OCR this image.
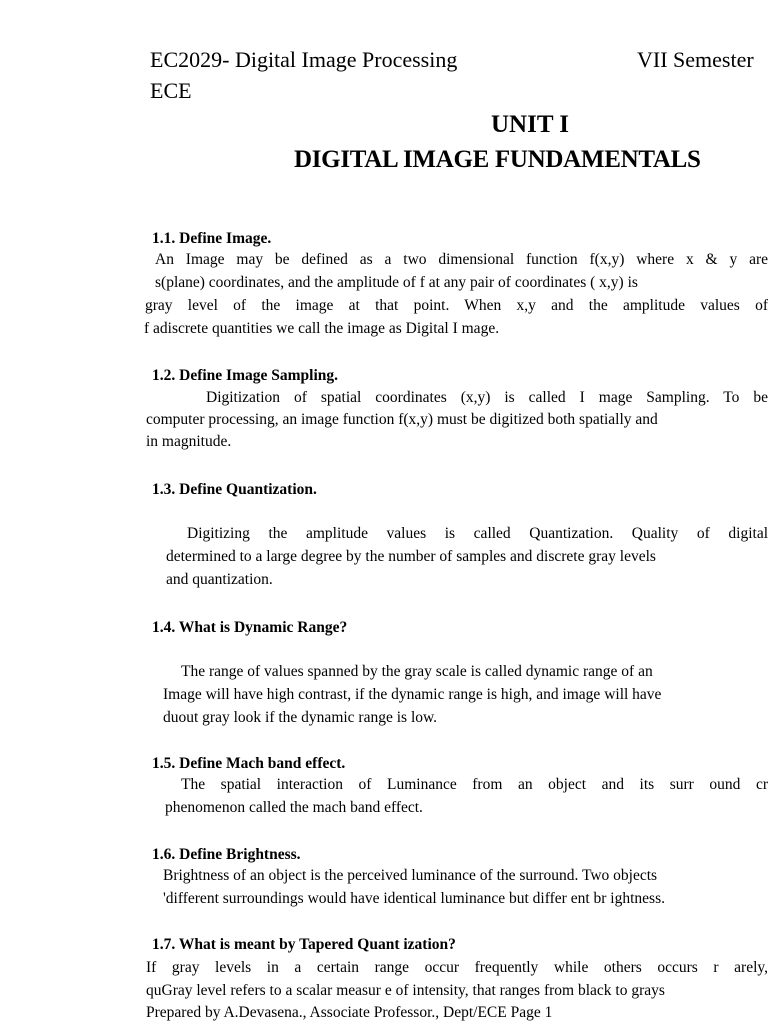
EC2029- Digital Image Processing	VII Semester
ECE
UNIT I
DIGITAL IMAGE FUNDAMENTALS
1.1. Define Image.
An Image may be defined as a two dimensional function f(x,y) where x & y are
s(plane) coordinates, and the amplitude of f at any pair of coordinates ( x,y) is
gray level of the image at that point. When x,y and the amplitude values of
f adiscrete quantities we call the image as Digital I mage.
1.2. Define Image Sampling.
Digitization of spatial coordinates (x,y) is called I mage Sampling. To be
computer processing, an image function f(x,y) must be digitized both spatially and
in magnitude.
1.3. Define Quantization.
Digitizing the amplitude values is called Quantization. Quality of digital
determined to a large degree by the number of samples and discrete gray levels
and quantization.
1.4. What is Dynamic Range?
The range of values spanned by the gray scale is called dynamic range of an
Image will have high contrast, if the dynamic range is high, and image will have
duout gray look if the dynamic range is low.
1.5. Define Mach band effect.
The spatial interaction of Luminance from an object and its surr ound cr
phenomenon called the mach band effect.
1.6. Define Brightness.
Brightness of an object is the perceived luminance of the surround. Two objects
'different surroundings would have identical luminance but differ ent br ightness.
1.7. What is meant by Tapered Quant ization?
If gray levels in a certain range occur frequently while others occurs r arely,
quGray level refers to a scalar measur e of intensity, that ranges from black to grays
Prepared by A.Devasena., Associate Professor., Dept/ECE Page 1
